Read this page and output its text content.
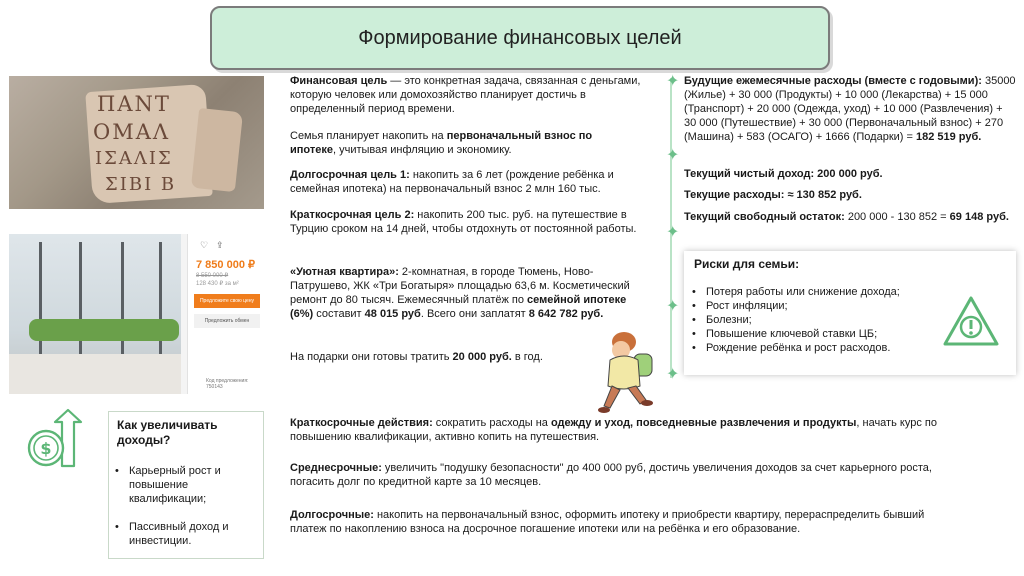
Формирование финансовых целей
ΠΑΝΤ
ΟΜΑΛ
ΙΣΑΛΙΣ
ΣΙΒΙ Β
♡ ⇪
7 850 000 ₽
8 550 000 ₽
128 430 ₽ за м²
Предложите свою цену
Предложить обмен
Код предложения: 750143
Финансовая цель — это конкретная задача, связанная с деньгами, которую человек или домохозяйство планирует достичь в определенный период времени.
Семья планирует накопить на первоначальный взнос по ипотеке, учитывая инфляцию и экономику.
Долгосрочная цель 1: накопить за 6 лет (рождение ребёнка и семейная ипотека) на первоначальный взнос 2 млн 160 тыс.
Краткосрочная цель 2: накопить 200 тыс. руб. на путешествие в Турцию сроком на 14 дней, чтобы отдохнуть от постоянной работы.
«Уютная квартира»: 2-комнатная, в городе Тюмень, Ново-Патрушево, ЖК «Три Богатыря» площадью 63,6 м. Косметический ремонт до 80 тысяч. Ежемесячный платёж по семейной ипотеке (6%) составит 48 015 руб. Всего они заплатят 8 642 782 руб.
На подарки они готовы тратить 20 000 руб. в год.
✦
✦
✦
✦
✦
Будущие ежемесячные расходы (вместе с годовыми): 35000 (Жилье) + 30 000 (Продукты) + 10 000 (Лекарства) + 15 000 (Транспорт) + 20 000 (Одежда, уход) + 10 000 (Развлечения) + 30 000 (Путешествие) + 30 000 (Первоначальный взнос) + 270 (Машина) + 583 (ОСАГО) + 1666 (Подарки) = 182 519 руб.
Текущий чистый доход: 200 000 руб.
Текущие расходы: ≈ 130 852 руб.
Текущий свободный остаток: 200 000 - 130 852 = 69 148 руб.
Риски для семьи:
• Потеря работы или снижение дохода;
• Рост инфляции;
• Болезни;
• Повышение ключевой ставки ЦБ;
• Рождение ребёнка и рост расходов.
$
Как увеличивать доходы?
• Карьерный рост и повышение квалификации;
• Пассивный доход и инвестиции.
Краткосрочные действия: сократить расходы на одежду и уход, повседневные развлечения и продукты, начать курс по повышению квалификации, активно копить на путешествия.
Среднесрочные: увеличить "подушку безопасности" до 400 000 руб, достичь увеличения доходов за счет карьерного роста, погасить долг по кредитной карте за 10 месяцев.
Долгосрочные: накопить на первоначальный взнос, оформить ипотеку и приобрести квартиру, перераспределить бывший платеж по накоплению взноса на досрочное погашение ипотеки или на ребёнка и его образование.
